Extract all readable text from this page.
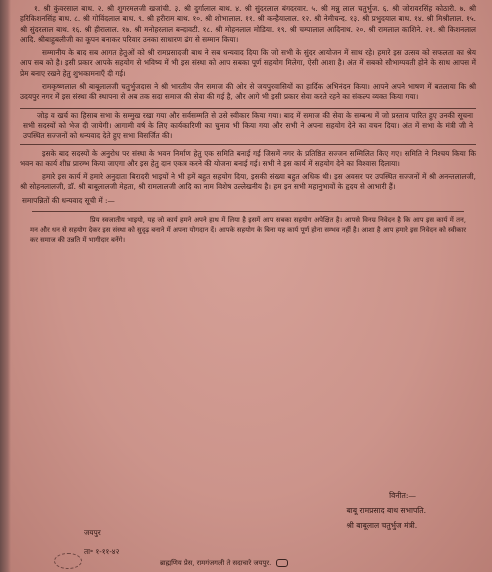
१. श्री कुंवरसाल बाथ. २. श्री शुगरमलजी खजांची. ३. श्री दुर्गालाल बाथ. ४. श्री सुंदरलाल बंगदरवार. ५. श्री मन्नु लाल चतुर्भुज. ६. श्री जोरावरसिंह कोठारी. ७. श्री हरिकिशनसिंह बाथ. ८. श्री गोविंदलाल बाथ. ९. श्री हरीराम बाथ. १०. श्री शोभालाल. ११. श्री कन्हैयालाल. १२. श्री नेमीचन्द. १३. श्री प्रभुदयाल बाथ. १४. श्री मिश्रीलाल. १५. श्री सुंदरलाल बाथ. १६. श्री हीरालाल. १७. श्री मनोहरलाल बन्दावटी. १८. श्री मोहनलाल मोडिया. १९. श्री चम्पालाल आदिनाथ. २०. श्री रामलाल काशिने. २१. श्री किशनलाल आदि. श्रीबाहुबलीजी का कूपन बनाकर परिवार उनका साधारण ढंग से सम्मान किया।

सम्मानीय के बाद सब आगत हेतुओं को श्री रामप्रसादजी बाथ ने सब धन्यवाद दिया कि जो सभी के सुंदर आयोजन में साथ रहे। हमारे इस उत्सव को सफलता का श्रेय आप सब को है। इसी प्रकार आपके सहयोग से भविष्य में भी इस संस्था को आप सबका पूर्ण सहयोग मिलेगा, ऐसी आशा है। अंत में सबको सौभाग्यवती होने के साथ आपस में प्रेम बनाए रखने हेतु शुभकामनाएँ दी गई।

रामकृष्णलाल श्री बाबूलालजी चतुर्भुजदास ने श्री भारतीय जैन समाज की ओर से जयपुरवासियों का हार्दिक अभिनंदन किया। आपने अपने भाषण में बतलाया कि श्री उदयपुर नगर मेंं इस संस्था की स्थापना से अब तक सदा समाज की सेवा की गई है, और आगे भी इसी प्रकार सेवा करते रहने का संकल्प व्यक्त किया गया।

जोड़ व खर्च का हिसाब सभा के सम्मुख रखा गया और सर्वसम्मति से उसे स्वीकार किया गया। बाद में समाज की सेवा के सम्बन्ध में जो प्रस्ताव पारित हुए उनकी सूचना सभी सदस्यों को भेज दी जायेगी। आगामी वर्ष के लिए कार्यकारिणी का चुनाव भी किया गया और सभी ने अपना सहयोग देने का वचन दिया। अंत में सभा के मंत्री जी ने उपस्थित सज्जनों को धन्यवाद देते हुए सभा विसर्जित की।

इसके बाद सदस्यों के अनुरोध पर संस्था के भवन निर्माण हेतु एक समिति बनाई गई जिसमें नगर के प्रतिष्ठित सज्जन सम्मिलित किए गए। समिति ने निश्चय किया कि भवन का कार्य शीघ्र प्रारम्भ किया जाएगा और इस हेतु दान एकत्र करने की योजना बनाई गई। सभी ने इस कार्य में सहयोग देने का विश्वास दिलाया।

हमारे इस कार्य में हमारे अनुदाता बिरादरी भाइयों ने भी हमें बहुत सहयोग दिया, इसकी संख्या बहुत अधिक थी। इस अवसर पर उपस्थित सज्जनों में श्री अनन्तलालजी, श्री सोहनलालजी, डॉ. श्री बाबूलालजी मेहता, श्री रामलालजी आदि का नाम विशेष उल्लेखनीय है। हम इन सभी महानुभावों के हृदय से आभारी हैं।

समापन्नितों की धन्यवाद सूची में :—

प्रिय स्वजातीय भाइयो, यह जो कार्य हमने अपने हाथ में लिया है इसमें आप सबका सहयोग अपेक्षित है। आपसे विनम्र निवेदन है कि आप इस कार्य में तन, मन और धन से सहयोग देकर इस संस्था को सुदृढ़ बनाने में अपना योगदान दें। आपके सहयोग के बिना यह कार्य पूर्ण होना सम्भव नहीं है। आशा है आप हमारे इस निवेदन को स्वीकार कर समाज की उन्नति में भागीदार बनेंगे।

विनीत:—
बाबू रामप्रसाद बाथ सभापति.
श्री बाबूलाल चतुर्भुज मंत्री.
जयपुर
ता॰ १-११-४२
ब्राह्मणिय प्रेस, रामगंजगली ते सदाचारे जयपुर.
